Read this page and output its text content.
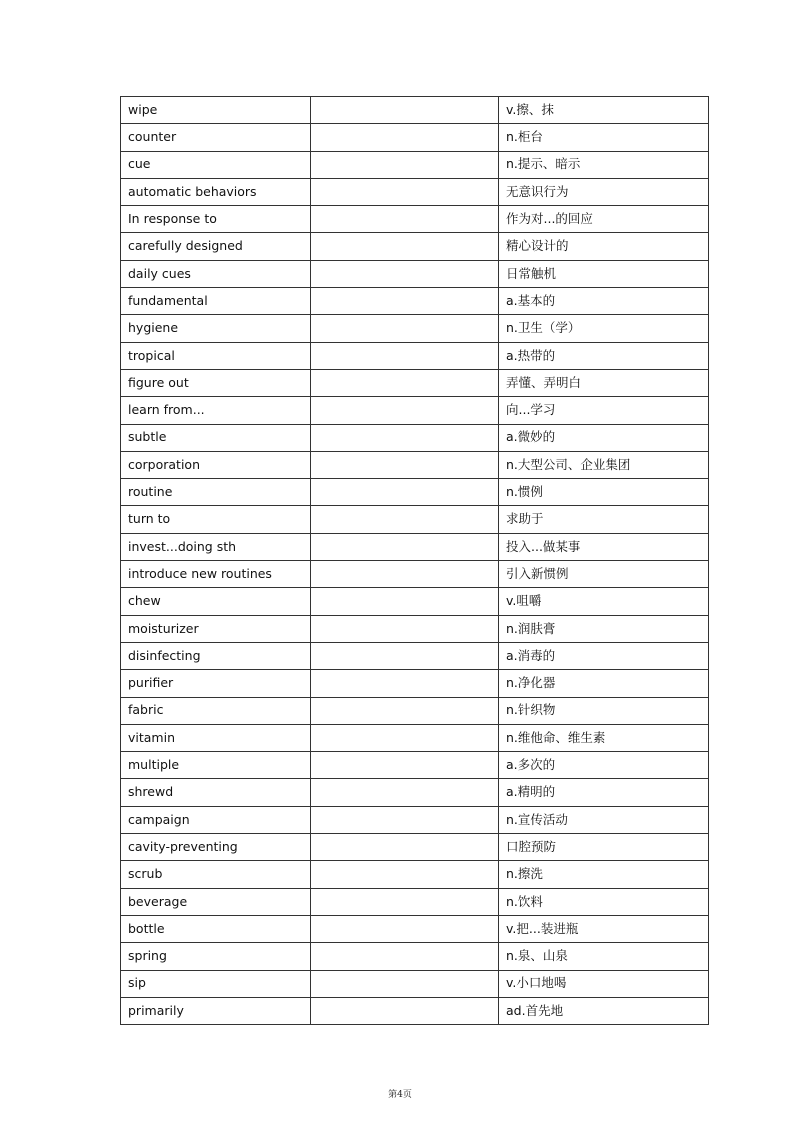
wipe		v.擦、抹
counter		n.柜台
cue		n.提示、暗示
automatic behaviors		无意识行为
In response to		作为对...的回应
carefully designed		精心设计的
daily cues		日常触机
fundamental		a.基本的
hygiene		n.卫生（学）
tropical		a.热带的
figure out		弄懂、弄明白
learn from...		向...学习
subtle		a.微妙的
corporation		n.大型公司、企业集团
routine		n.惯例
turn to		求助于
invest...doing sth		投入...做某事
introduce new routines		引入新惯例
chew		v.咀嚼
moisturizer		n.润肤膏
disinfecting		a.消毒的
purifier		n.净化器
fabric		n.针织物
vitamin		n.维他命、维生素
multiple		a.多次的
shrewd		a.精明的
campaign		n.宣传活动
cavity-preventing		口腔预防
scrub		n.擦洗
beverage		n.饮料
bottle		v.把...装进瓶
spring		n.泉、山泉
sip		v.小口地喝
primarily		ad.首先地
第4页
